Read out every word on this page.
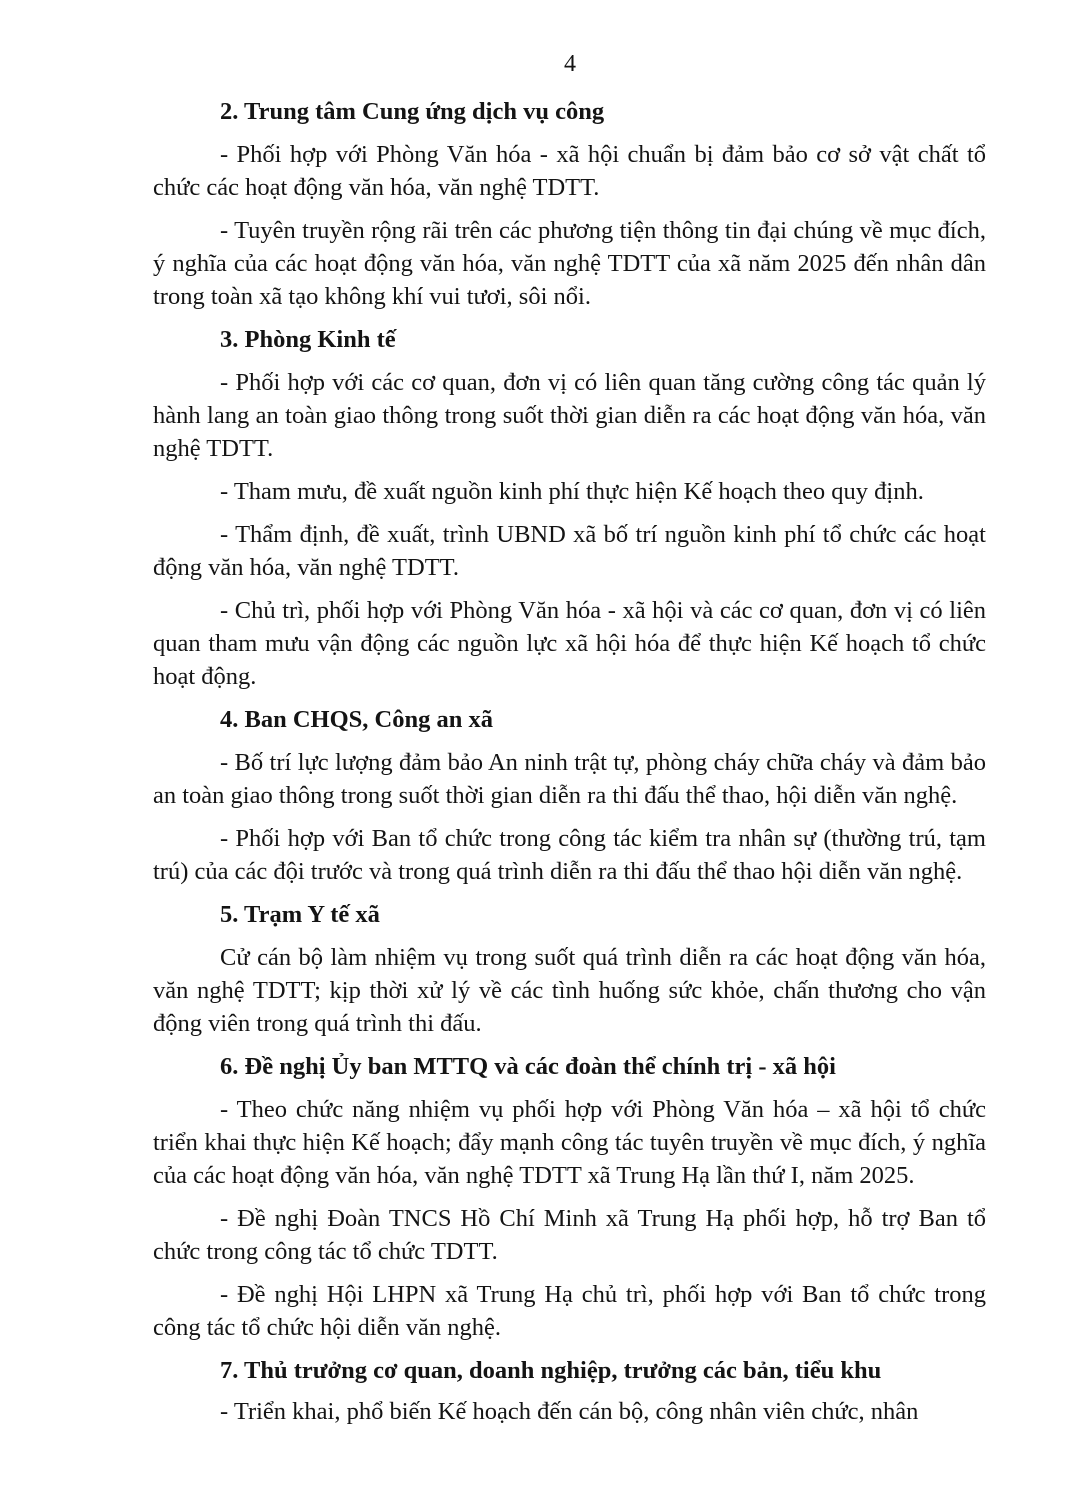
4
2. Trung tâm Cung ứng dịch vụ công

- Phối hợp với Phòng Văn hóa - xã hội chuẩn bị đảm bảo cơ sở vật chất tổ chức các hoạt động văn hóa, văn nghệ TDTT.

- Tuyên truyền rộng rãi trên các phương tiện thông tin đại chúng về mục đích, ý nghĩa của các hoạt động văn hóa, văn nghệ TDTT của xã năm 2025 đến nhân dân trong toàn xã tạo không khí vui tươi, sôi nổi.

3. Phòng Kinh tế

- Phối hợp với các cơ quan, đơn vị có liên quan tăng cường công tác quản lý hành lang an toàn giao thông trong suốt thời gian diễn ra các hoạt động văn hóa, văn nghệ TDTT.

- Tham mưu, đề xuất nguồn kinh phí thực hiện Kế hoạch theo quy định.

- Thẩm định, đề xuất, trình UBND xã bố trí nguồn kinh phí tổ chức các hoạt động văn hóa, văn nghệ TDTT.

- Chủ trì, phối hợp với Phòng Văn hóa - xã hội và các cơ quan, đơn vị có liên quan tham mưu vận động các nguồn lực xã hội hóa để thực hiện Kế hoạch tổ chức hoạt động.

4. Ban CHQS, Công an xã

- Bố trí lực lượng đảm bảo An ninh trật tự, phòng cháy chữa cháy và đảm bảo an toàn giao thông trong suốt thời gian diễn ra thi đấu thể thao, hội diễn văn nghệ.

- Phối hợp với Ban tổ chức trong công tác kiểm tra nhân sự (thường trú, tạm trú) của các đội trước và trong quá trình diễn ra thi đấu thể thao hội diễn văn nghệ.

5. Trạm Y tế xã

Cử cán bộ làm nhiệm vụ trong suốt quá trình diễn ra các hoạt động văn hóa, văn nghệ TDTT; kịp thời xử lý về các tình huống sức khỏe, chấn thương cho vận động viên trong quá trình thi đấu.

6. Đề nghị Ủy ban MTTQ và các đoàn thể chính trị - xã hội

- Theo chức năng nhiệm vụ phối hợp với Phòng Văn hóa – xã hội tổ chức triển khai thực hiện Kế hoạch; đẩy mạnh công tác tuyên truyền về mục đích, ý nghĩa của các hoạt động văn hóa, văn nghệ TDTT xã Trung Hạ lần thứ I, năm 2025.

- Đề nghị Đoàn TNCS Hồ Chí Minh xã Trung Hạ phối hợp, hỗ trợ Ban tổ chức trong công tác tổ chức TDTT.

- Đề nghị Hội LHPN xã Trung Hạ chủ trì, phối hợp với Ban tổ chức trong công tác tổ chức hội diễn văn nghệ.

7. Thủ trưởng cơ quan, doanh nghiệp, trưởng các bản, tiểu khu

- Triển khai, phổ biến Kế hoạch đến cán bộ, công nhân viên chức, nhân
